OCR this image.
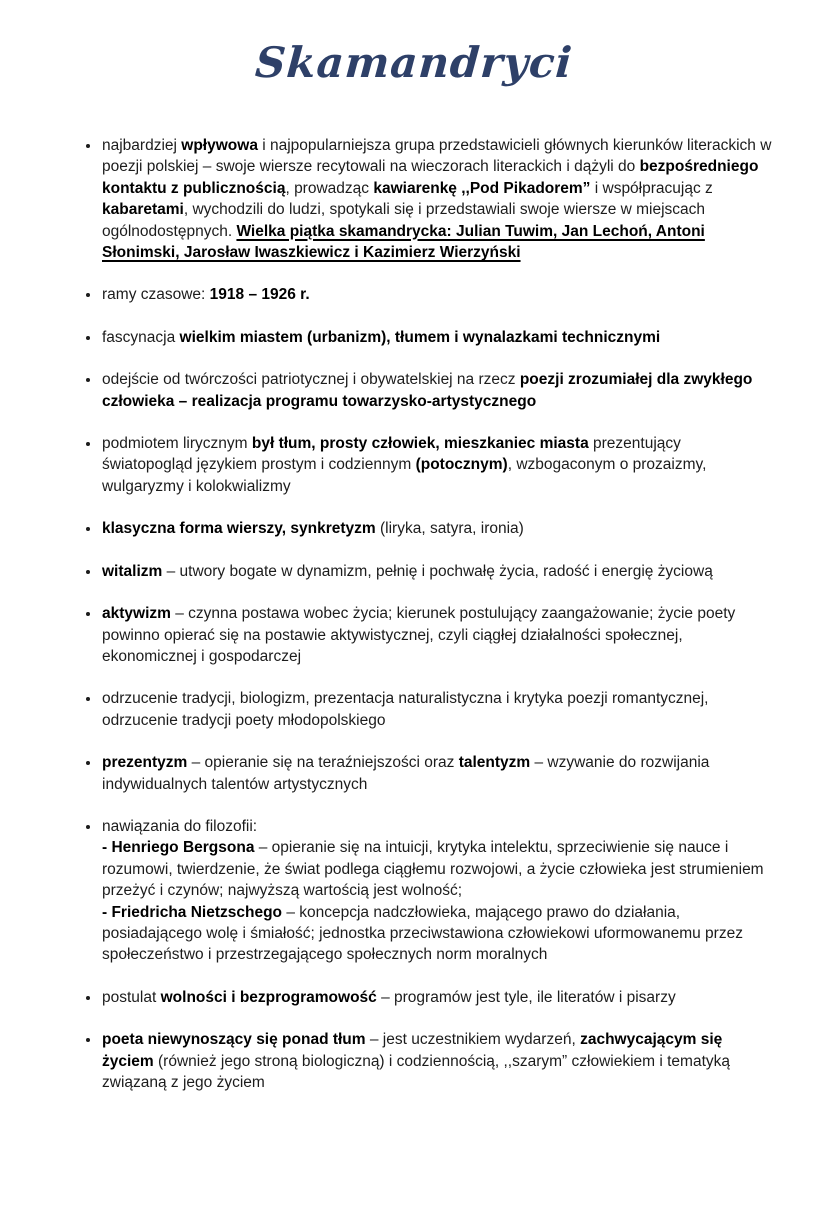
Skamandryci
• najbardziej wpływowa i najpopularniejsza grupa przedstawicieli głównych kierunków literackich w poezji polskiej – swoje wiersze recytowali na wieczorach literackich i dążyli do bezpośredniego kontaktu z publicznością, prowadząc kawiarenkę ,,Pod Pikadorem” i współpracując z kabaretami, wychodzili do ludzi, spotykali się i przedstawiali swoje wiersze w miejscach ogólnodostępnych. Wielka piątka skamandrycka: Julian Tuwim, Jan Lechoń, Antoni Słonimski, Jarosław Iwaszkiewicz i Kazimierz Wierzyński
• ramy czasowe: 1918 – 1926 r.
• fascynacja wielkim miastem (urbanizm), tłumem i wynalazkami technicznymi
• odejście od twórczości patriotycznej i obywatelskiej na rzecz poezji zrozumiałej dla zwykłego człowieka – realizacja programu towarzysko-artystycznego
• podmiotem lirycznym był tłum, prosty człowiek, mieszkaniec miasta prezentujący światopogląd językiem prostym i codziennym (potocznym), wzbogaconym o prozaizmy, wulgaryzmy i kolokwializmy
• klasyczna forma wierszy, synkretyzm (liryka, satyra, ironia)
• witalizm – utwory bogate w dynamizm, pełnię i pochwałę życia, radość i energię życiową
• aktywizm – czynna postawa wobec życia; kierunek postulujący zaangażowanie; życie poety powinno opierać się na postawie aktywistycznej, czyli ciągłej działalności społecznej, ekonomicznej i gospodarczej
• odrzucenie tradycji, biologizm, prezentacja naturalistyczna i krytyka poezji romantycznej, odrzucenie tradycji poety młodopolskiego
• prezentyzm – opieranie się na teraźniejszości oraz talentyzm – wzywanie do rozwijania indywidualnych talentów artystycznych
• nawiązania do filozofii:
- Henriego Bergsona – opieranie się na intuicji, krytyka intelektu, sprzeciwienie się nauce i rozumowi, twierdzenie, że świat podlega ciągłemu rozwojowi, a życie człowieka jest strumieniem przeżyć i czynów; najwyższą wartością jest wolność;
- Friedricha Nietzschego – koncepcja nadczłowieka, mającego prawo do działania, posiadającego wolę i śmiałość; jednostka przeciwstawiona człowiekowi uformowanemu przez społeczeństwo i przestrzegającego społecznych norm moralnych
• postulat wolności i bezprogramowość – programów jest tyle, ile literatów i pisarzy
• poeta niewynoszący się ponad tłum – jest uczestnikiem wydarzeń, zachwycającym się życiem (również jego stroną biologiczną) i codziennością, ,,szarym” człowiekiem i tematyką związaną z jego życiem
